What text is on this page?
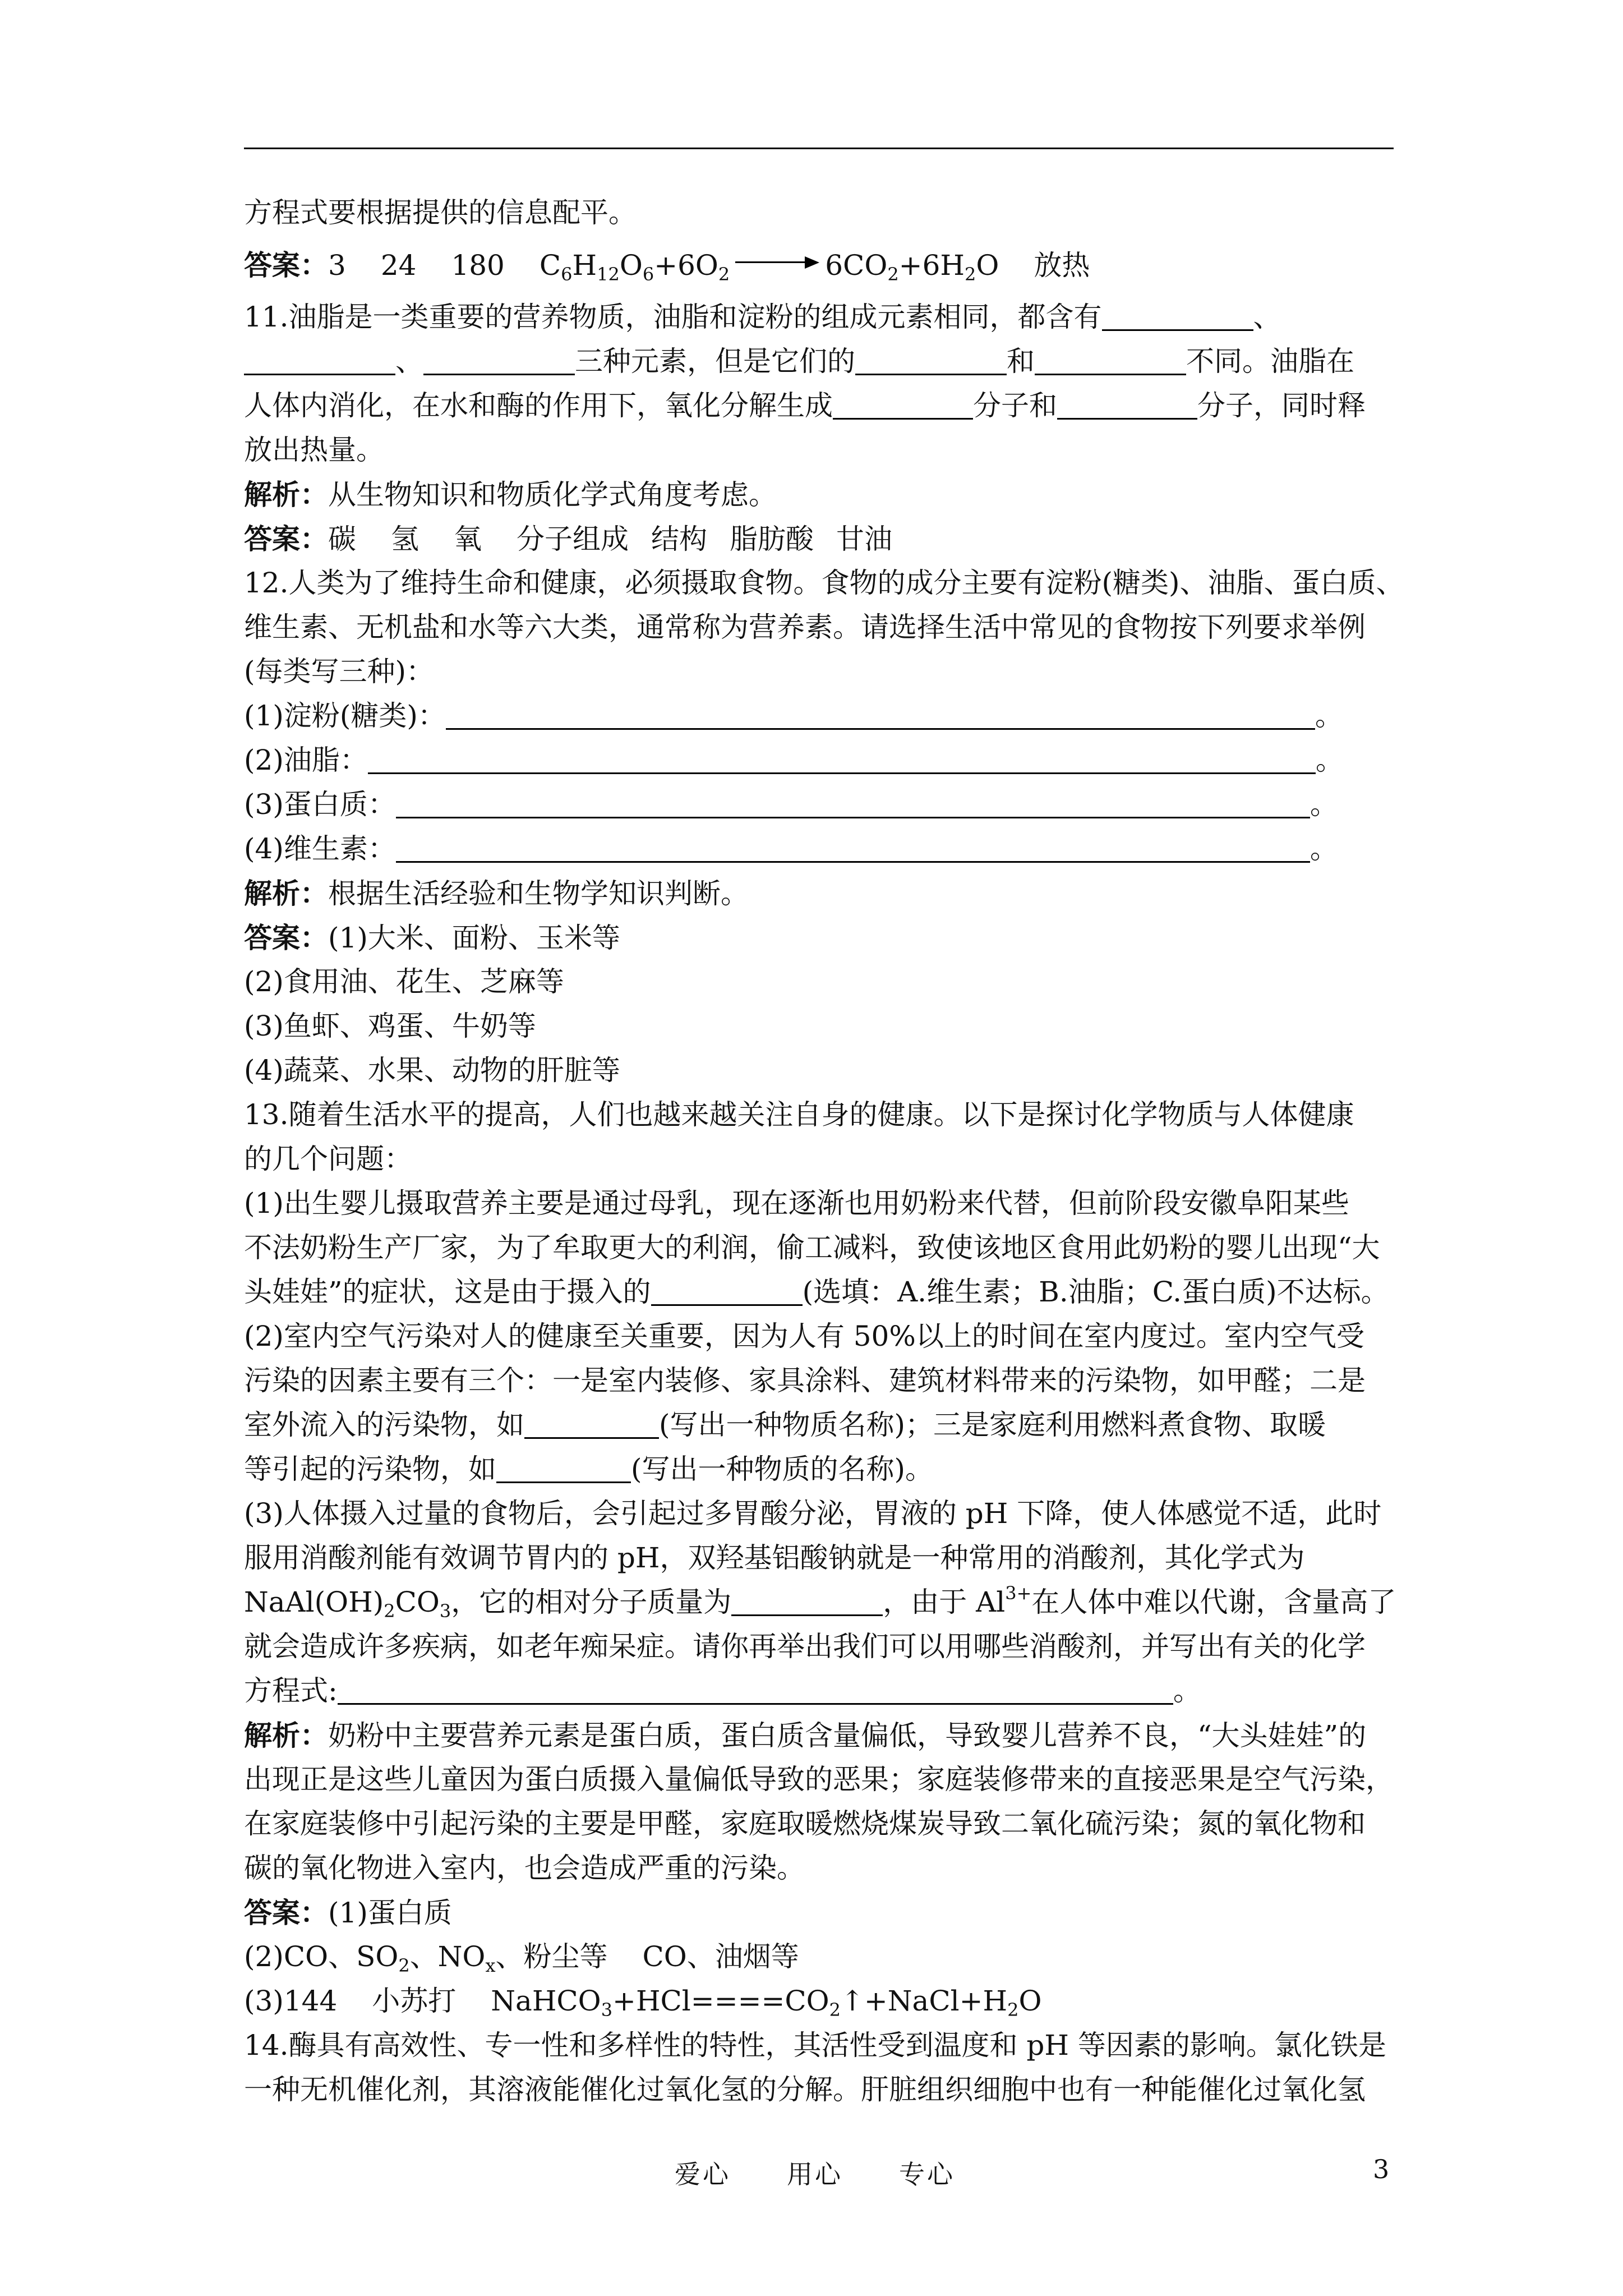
方程式要根据提供的信息配平。
答案：3 24 180 $C_6H_{12}O_6+6O_2$	$6CO_2+6H_2O$ 放热
11.油脂是一类重要的营养物质，油脂和淀粉的组成元素相同，都含有	、
、	三种元素，但是它们的	和	不同。油脂在
人体内消化，在水和酶的作用下，氧化分解生成	分子和	分子，同时释
放出热量。
解析：从生物知识和物质化学式角度考虑。
答案：碳 氢 氧 分子组成 结构 脂肪酸 甘油
12.人类为了维持生命和健康，必须摄取食物。食物的成分主要有淀粉(糖类)、油脂、蛋白质、
维生素、无机盐和水等六大类，通常称为营养素。请选择生活中常见的食物按下列要求举例
(每类写三种)：
(1)淀粉(糖类)：	。
(2)油脂：	。
(3)蛋白质：	。
(4)维生素：	。
解析：根据生活经验和生物学知识判断。
答案：(1)大米、面粉、玉米等
(2)食用油、花生、芝麻等
(3)鱼虾、鸡蛋、牛奶等
(4)蔬菜、水果、动物的肝脏等
13.随着生活水平的提高，人们也越来越关注自身的健康。以下是探讨化学物质与人体健康
的几个问题：
(1)出生婴儿摄取营养主要是通过母乳，现在逐渐也用奶粉来代替，但前阶段安徽阜阳某些
不法奶粉生产厂家，为了牟取更大的利润，偷工减料，致使该地区食用此奶粉的婴儿出现“大
头娃娃”的症状，这是由于摄入的	(选填：A.维生素；B.油脂；C.蛋白质)不达标。
(2)室内空气污染对人的健康至关重要，因为人有 50%以上的时间在室内度过。室内空气受
污染的因素主要有三个：一是室内装修、家具涂料、建筑材料带来的污染物，如甲醛；二是
室外流入的污染物，如	(写出一种物质名称)；三是家庭利用燃料煮食物、取暖
等引起的污染物，如	(写出一种物质的名称)。
(3)人体摄入过量的食物后，会引起过多胃酸分泌，胃液的 pH 下降，使人体感觉不适，此时
服用消酸剂能有效调节胃内的 pH，双羟基铝酸钠就是一种常用的消酸剂，其化学式为
$NaAl(OH)_2CO_3$，它的相对分子质量为	，由于 $Al^{3+}$在人体中难以代谢，含量高了
就会造成许多疾病，如老年痴呆症。请你再举出我们可以用哪些消酸剂，并写出有关的化学
方程式:	。
解析：奶粉中主要营养元素是蛋白质，蛋白质含量偏低，导致婴儿营养不良，“大头娃娃”的
出现正是这些儿童因为蛋白质摄入量偏低导致的恶果；家庭装修带来的直接恶果是空气污染，
在家庭装修中引起污染的主要是甲醛，家庭取暖燃烧煤炭导致二氧化硫污染；氮的氧化物和
碳的氧化物进入室内，也会造成严重的污染。
答案：(1)蛋白质
(2)CO、$SO_2$、$NO_x$、粉尘等 CO、油烟等
(3)144 小苏打 $NaHCO_3+HCl====CO_2↑+NaCl+H_2O$
14.酶具有高效性、专一性和多样性的特性，其活性受到温度和 pH 等因素的影响。氯化铁是
一种无机催化剂，其溶液能催化过氧化氢的分解。肝脏组织细胞中也有一种能催化过氧化氢
爱心　　用心　　专心	3
